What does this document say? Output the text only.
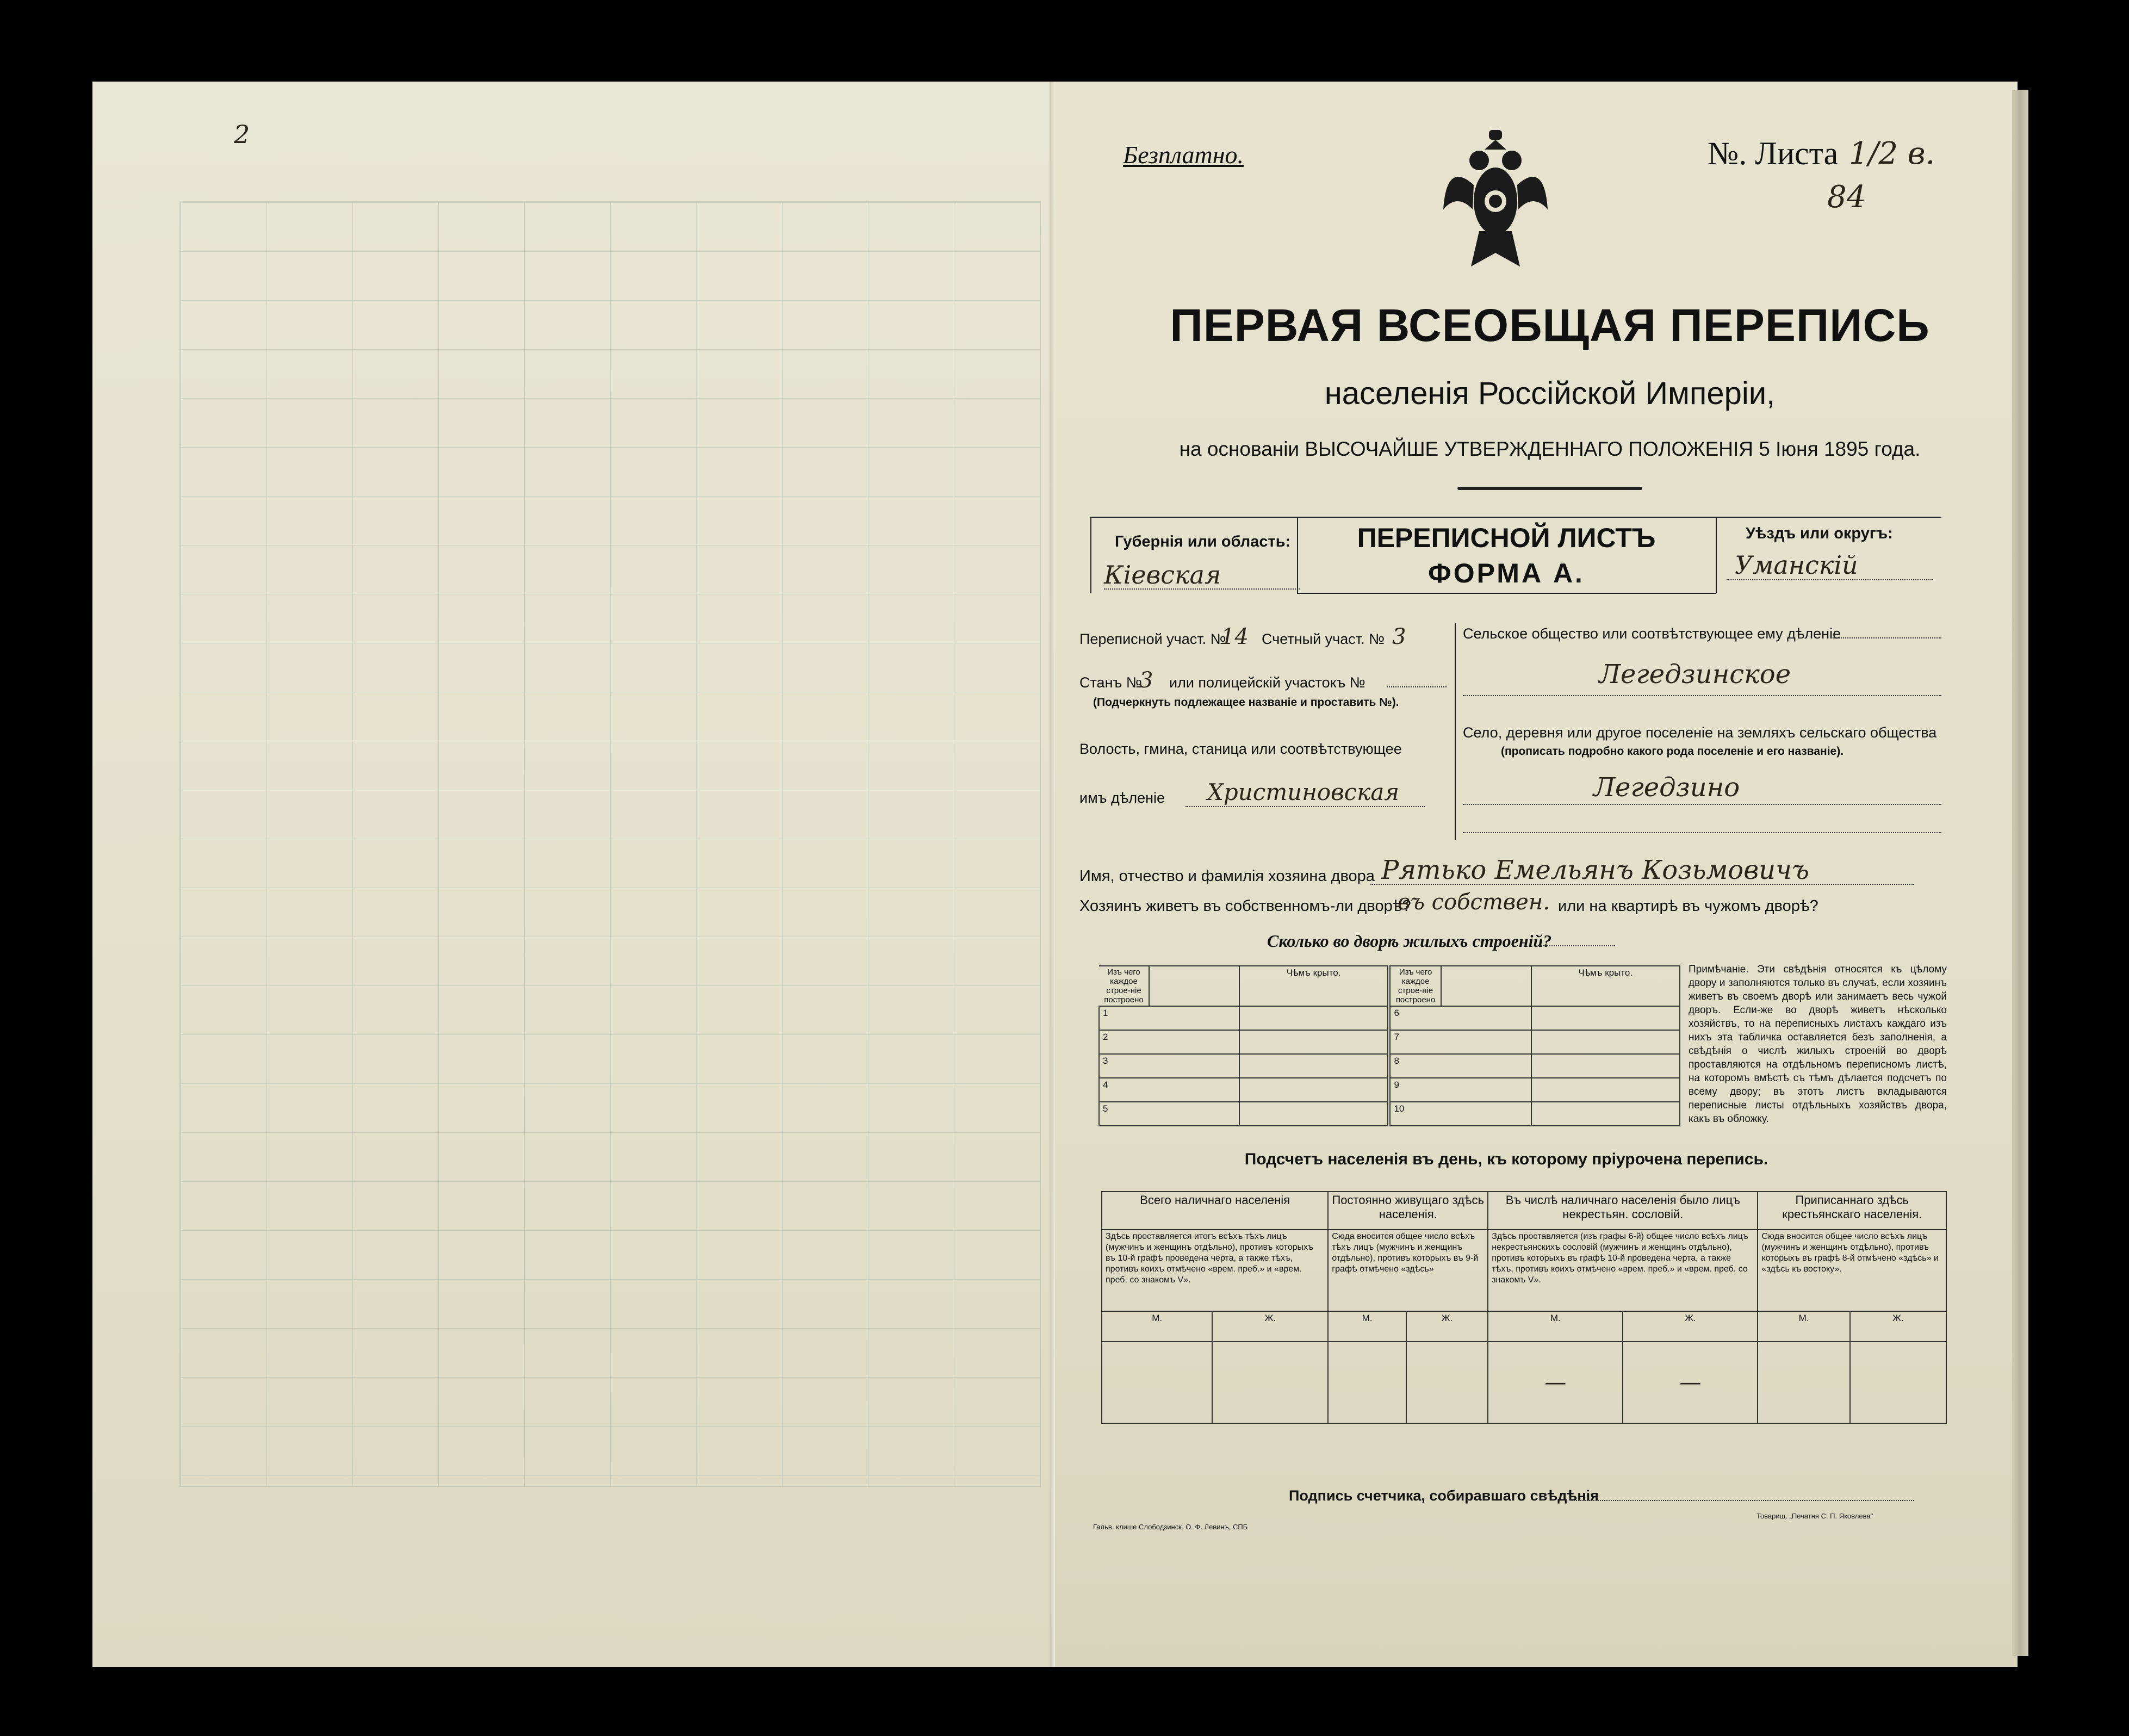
2
Безплатно.	№. Листа 1/2 в.
84
ПЕРВАЯ ВСЕОБЩАЯ ПЕРЕПИСЬ
населенія Россійской Имперіи,
на основаніи ВЫСОЧАЙШЕ УТВЕРЖДЕННАГО ПОЛОЖЕНІЯ 5 Іюня 1895 года.
Губернія или область:
Кіевская
ПЕРЕПИСНОЙ ЛИСТЪ
ФОРМА А.
Уѣздъ или округъ:
Уманскій
Переписной участ. №
14 Счетный участ. № 3
Станъ №
3 или полицейскій участокъ №
(Подчеркнуть подлежащее названіе и проставить №).
Волость, гмина, станица или соотвѣтствующее
имъ дѣленіе Христиновская
Сельское общество или соотвѣтствующее ему дѣленіе
Легедзинское
Село, деревня или другое поселеніе на земляхъ сельскаго общества
(прописать подробно какого рода поселеніе и его названіе).
Легедзино
Имя, отчество и фамилія хозяина двора Рятько Емельянъ Козьмовичъ
Хозяинъ живетъ въ собственномъ-ли дворѣ?
въ собствен. или на квартирѣ въ чужомъ дворѣ?
Сколько во дворѣ жилыхъ строеній?
Изъ чего каждое строе-ніе построено		Чѣмъ крыто.	Изъ чего каждое строе-ніе построено		Чѣмъ крыто.
1			6		
2			7		
3			8		
4			9		
5			10		
Примѣчаніе. Эти свѣдѣнія относятся къ цѣлому двору и заполняются только въ случаѣ, если хозяинъ живетъ въ своемъ дворѣ или занимаетъ весь чужой дворъ. Если-же во дворѣ живетъ нѣсколько хозяйствъ, то на переписныхъ листахъ каждаго изъ нихъ эта табличка оставляется безъ заполненія, а свѣдѣнія о числѣ жилыхъ строеній во дворѣ проставляются на отдѣльномъ переписномъ листѣ, на которомъ вмѣстѣ съ тѣмъ дѣлается подсчетъ по всему двору; въ этотъ листъ вкладываются переписные листы отдѣльныхъ хозяйствъ двора, какъ въ обложку.
Подсчетъ населенія въ день, къ которому пріурочена перепись.
Всего наличнаго населенія		Постоянно живущаго здѣсь населенія.		Въ числѣ наличнаго населенія было лицъ некрестьян. сословій.		Приписаннаго здѣсь крестьянскаго населенія.	
Здѣсь проставляется итогъ всѣхъ тѣхъ лицъ (мужчинъ и женщинъ отдѣльно), противъ которыхъ въ 10-й графѣ проведена черта, а также тѣхъ, противъ коихъ отмѣчено «врем. преб.» и «врем. преб. со знакомъ V».		Сюда вносится общее число всѣхъ тѣхъ лицъ (мужчинъ и женщинъ отдѣльно), противъ которыхъ въ 9-й графѣ отмѣчено «здѣсь»		Здѣсь проставляется (изъ графы 6-й) общее число всѣхъ лицъ некрестьянскихъ сословій (мужчинъ и женщинъ отдѣльно), противъ которыхъ въ графѣ 10-й проведена черта, а также тѣхъ, противъ коихъ отмѣчено «врем. преб.» и «врем. преб. со знакомъ V».		Сюда вносится общее число всѣхъ лицъ (мужчинъ и женщинъ отдѣльно), противъ которыхъ въ графѣ 8-й отмѣчено «здѣсь» и «здѣсь къ востоку».	
М.	Ж.	М.	Ж.	М.	Ж.	М.	Ж.
				—	—		
Подпись счетчика, собиравшаго свѣдѣнія
Гальв. клише Слободзинск. О. Ф. Левинъ, СПБ
Товарищ. „Печатня С. П. Яковлева"
